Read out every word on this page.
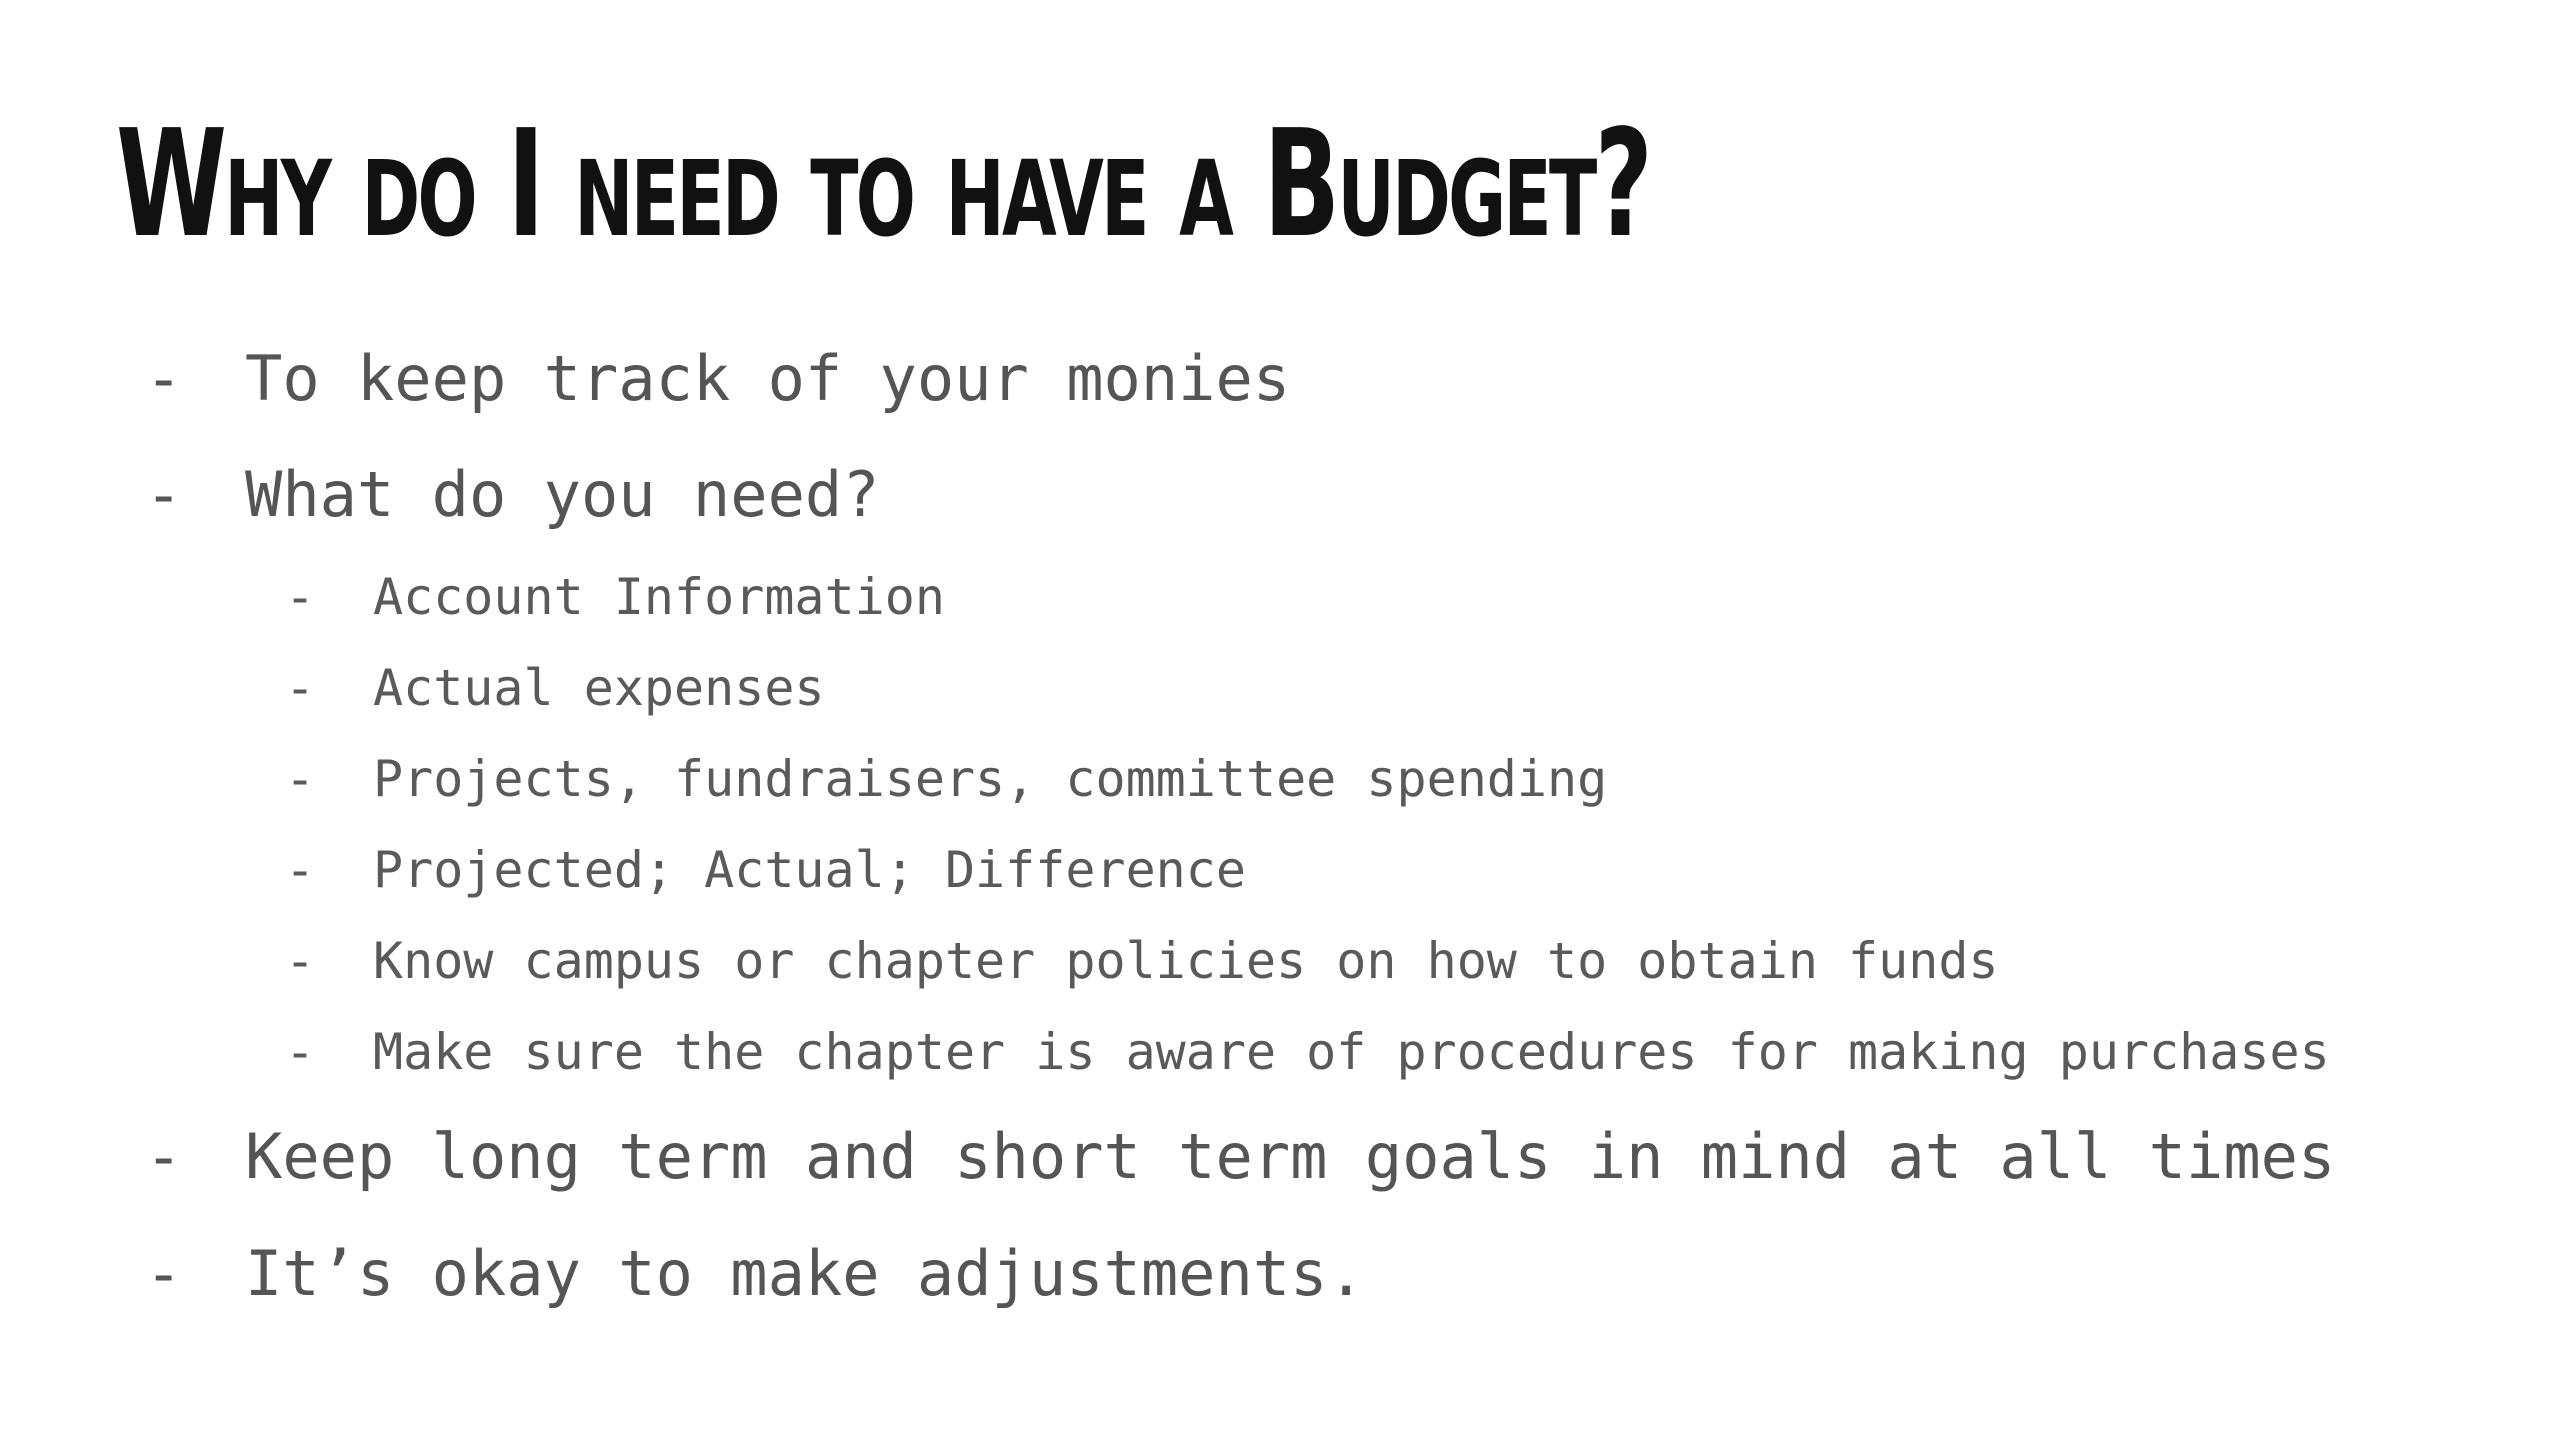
Why do I need to have a Budget?
- To keep track of your monies
- What do you need?
- Account Information
- Actual expenses
- Projects, fundraisers, committee spending
- Projected; Actual; Difference
- Know campus or chapter policies on how to obtain funds
- Make sure the chapter is aware of procedures for making purchases
- Keep long term and short term goals in mind at all times
- It’s okay to make adjustments.
